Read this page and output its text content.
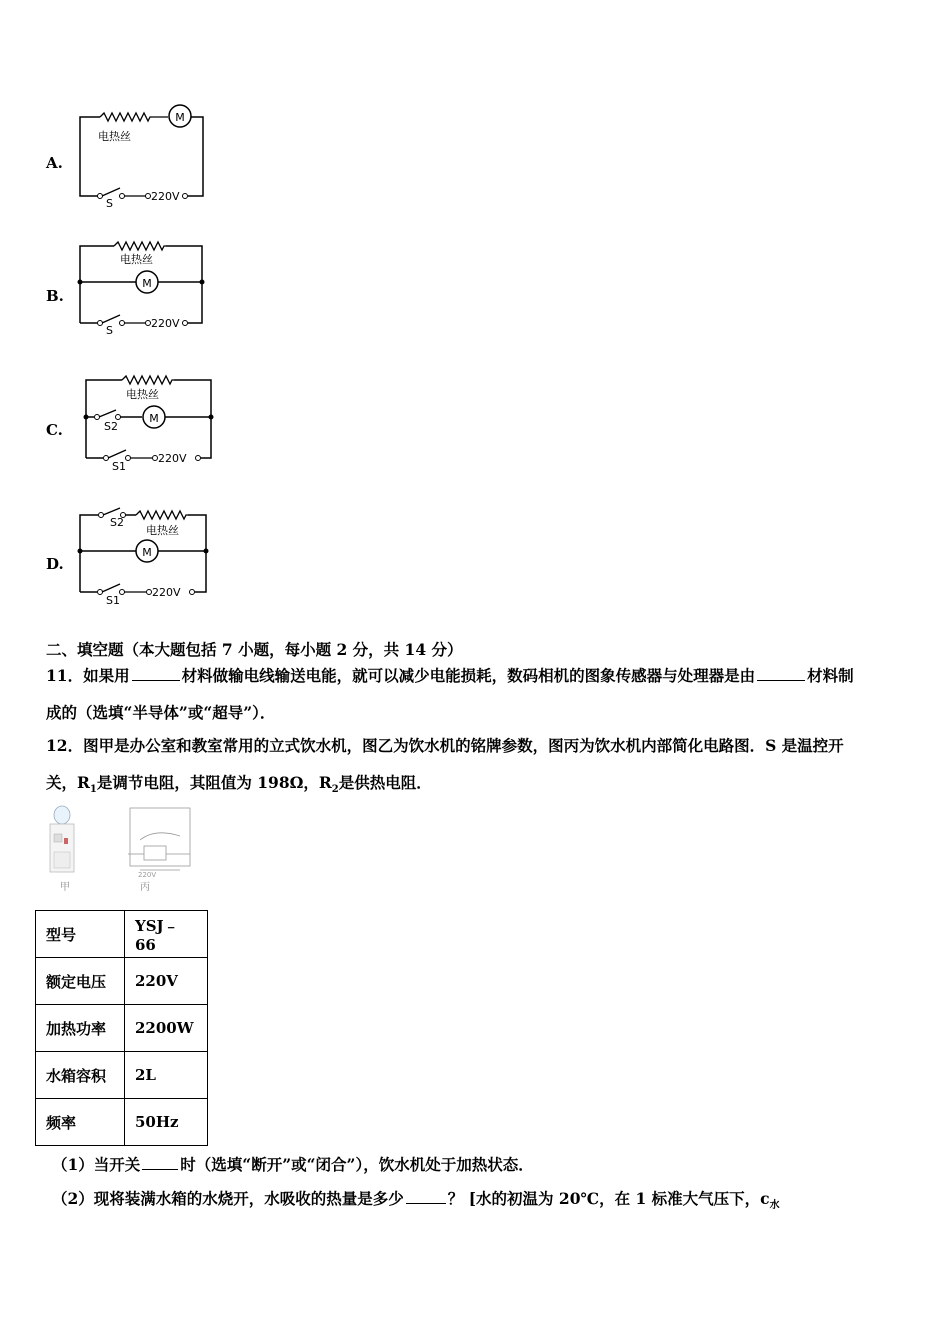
A.
M
电热丝
S
220V
B.
电热丝
M
S
220V
C.
电热丝
S2
M
S1
220V
D.
S2
电热丝
M
S1
220V
二、填空题（本大题包括 7 小题，每小题 2 分，共 14 分）
11．如果用	材料做输电线输送电能，就可以减少电能损耗，数码相机的图象传感器与处理器是由	材料制
成的（选填“半导体”或“超导”）．
12．图甲是办公室和教室常用的立式饮水机，图乙为饮水机的铭牌参数，图丙为饮水机内部简化电路图．S 是温控开
关，$R_1$是调节电阻，其阻值为 198Ω，$R_2$是供热电阻．
甲
220V
丙
型号	YSJ﹣66
额定电压	220V
加热功率	2200W
水箱容积	2L
频率	50Hz
（1）当开关	时（选填“断开”或“闭合”），饮水机处于加热状态．
（2）现将装满水箱的水烧开，水吸收的热量是多少	？ [水的初温为 20℃，在 1 标准大气压下，$c_水$
